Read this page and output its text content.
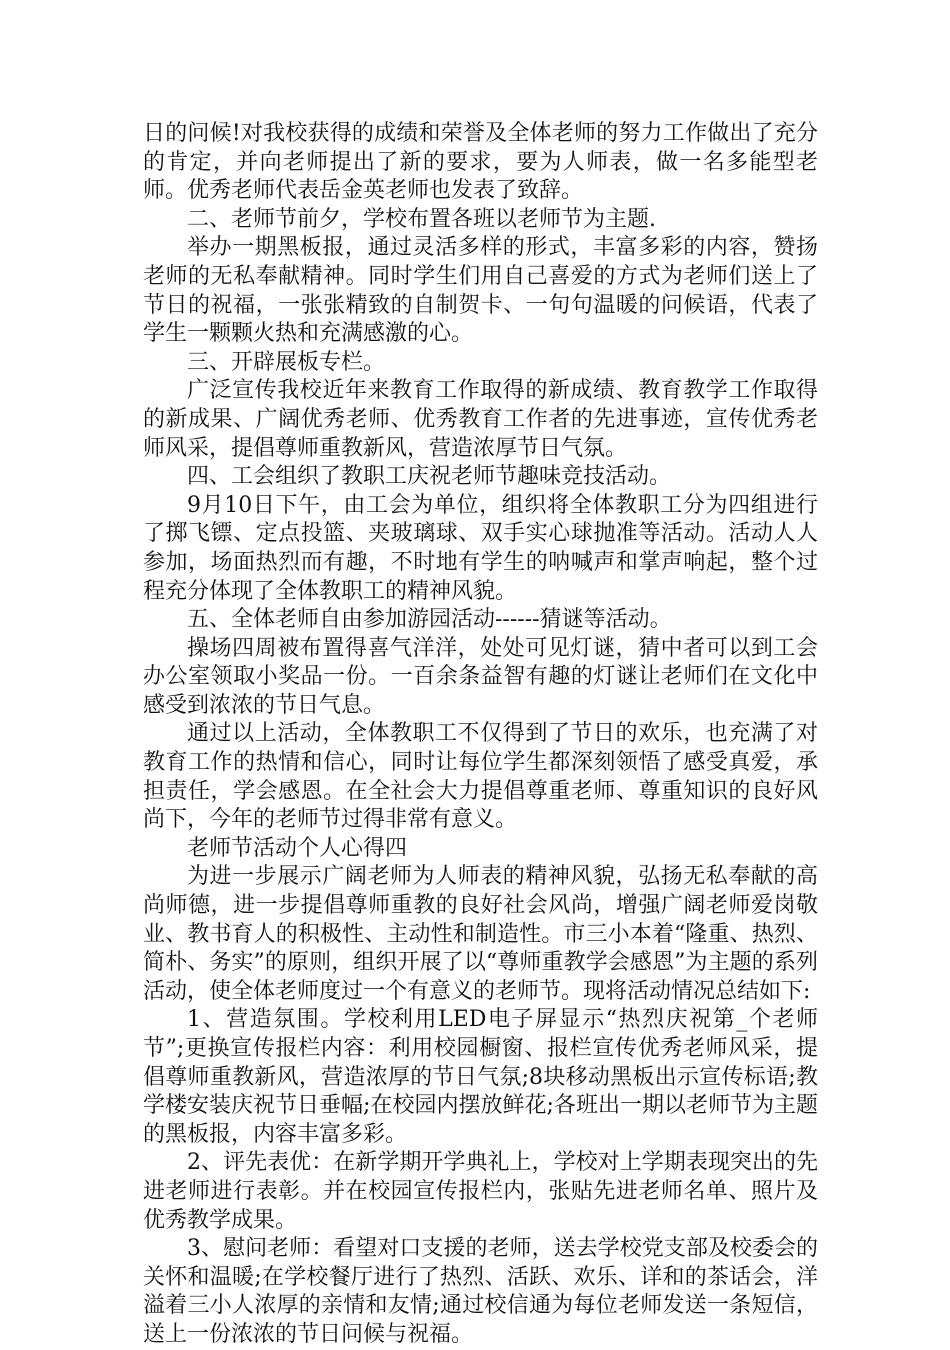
日的问候!对我校获得的成绩和荣誉及全体老师的努力工作做出了充分的肯定，并向老师提出了新的要求，要为人师表，做一名多能型老师。优秀老师代表岳金英老师也发表了致辞。

二、老师节前夕，学校布置各班以老师节为主题.

举办一期黑板报，通过灵活多样的形式，丰富多彩的内容，赞扬老师的无私奉献精神。同时学生们用自己喜爱的方式为老师们送上了节日的祝福，一张张精致的自制贺卡、一句句温暖的问候语，代表了学生一颗颗火热和充满感激的心。

三、开辟展板专栏。

广泛宣传我校近年来教育工作取得的新成绩、教育教学工作取得的新成果、广阔优秀老师、优秀教育工作者的先进事迹，宣传优秀老师风采，提倡尊师重教新风，营造浓厚节日气氛。

四、工会组织了教职工庆祝老师节趣味竞技活动。

9月10日下午，由工会为单位，组织将全体教职工分为四组进行了掷飞镖、定点投篮、夹玻璃球、双手实心球抛准等活动。活动人人参加，场面热烈而有趣，不时地有学生的呐喊声和掌声响起，整个过程充分体现了全体教职工的精神风貌。

五、全体老师自由参加游园活动------猜谜等活动。

操场四周被布置得喜气洋洋，处处可见灯谜，猜中者可以到工会办公室领取小奖品一份。一百余条益智有趣的灯谜让老师们在文化中感受到浓浓的节日气息。

通过以上活动，全体教职工不仅得到了节日的欢乐，也充满了对教育工作的热情和信心，同时让每位学生都深刻领悟了感受真爱，承担责任，学会感恩。在全社会大力提倡尊重老师、尊重知识的良好风尚下，今年的老师节过得非常有意义。

老师节活动个人心得四

为进一步展示广阔老师为人师表的精神风貌，弘扬无私奉献的高尚师德，进一步提倡尊师重教的良好社会风尚，增强广阔老师爱岗敬业、教书育人的积极性、主动性和制造性。市三小本着“隆重、热烈、简朴、务实”的原则，组织开展了以“尊师重教学会感恩”为主题的系列活动，使全体老师度过一个有意义的老师节。现将活动情况总结如下:

1、营造氛围。学校利用LED电子屏显示“热烈庆祝第_个老师节”;更换宣传报栏内容：利用校园橱窗、报栏宣传优秀老师风采，提倡尊师重教新风，营造浓厚的节日气氛;8块移动黑板出示宣传标语;教学楼安装庆祝节日垂幅;在校园内摆放鲜花;各班出一期以老师节为主题的黑板报，内容丰富多彩。

2、评先表优：在新学期开学典礼上，学校对上学期表现突出的先进老师进行表彰。并在校园宣传报栏内，张贴先进老师名单、照片及优秀教学成果。

3、慰问老师：看望对口支援的老师，送去学校党支部及校委会的关怀和温暖;在学校餐厅进行了热烈、活跃、欢乐、详和的茶话会，洋溢着三小人浓厚的亲情和友情;通过校信通为每位老师发送一条短信，送上一份浓浓的节日问候与祝福。
